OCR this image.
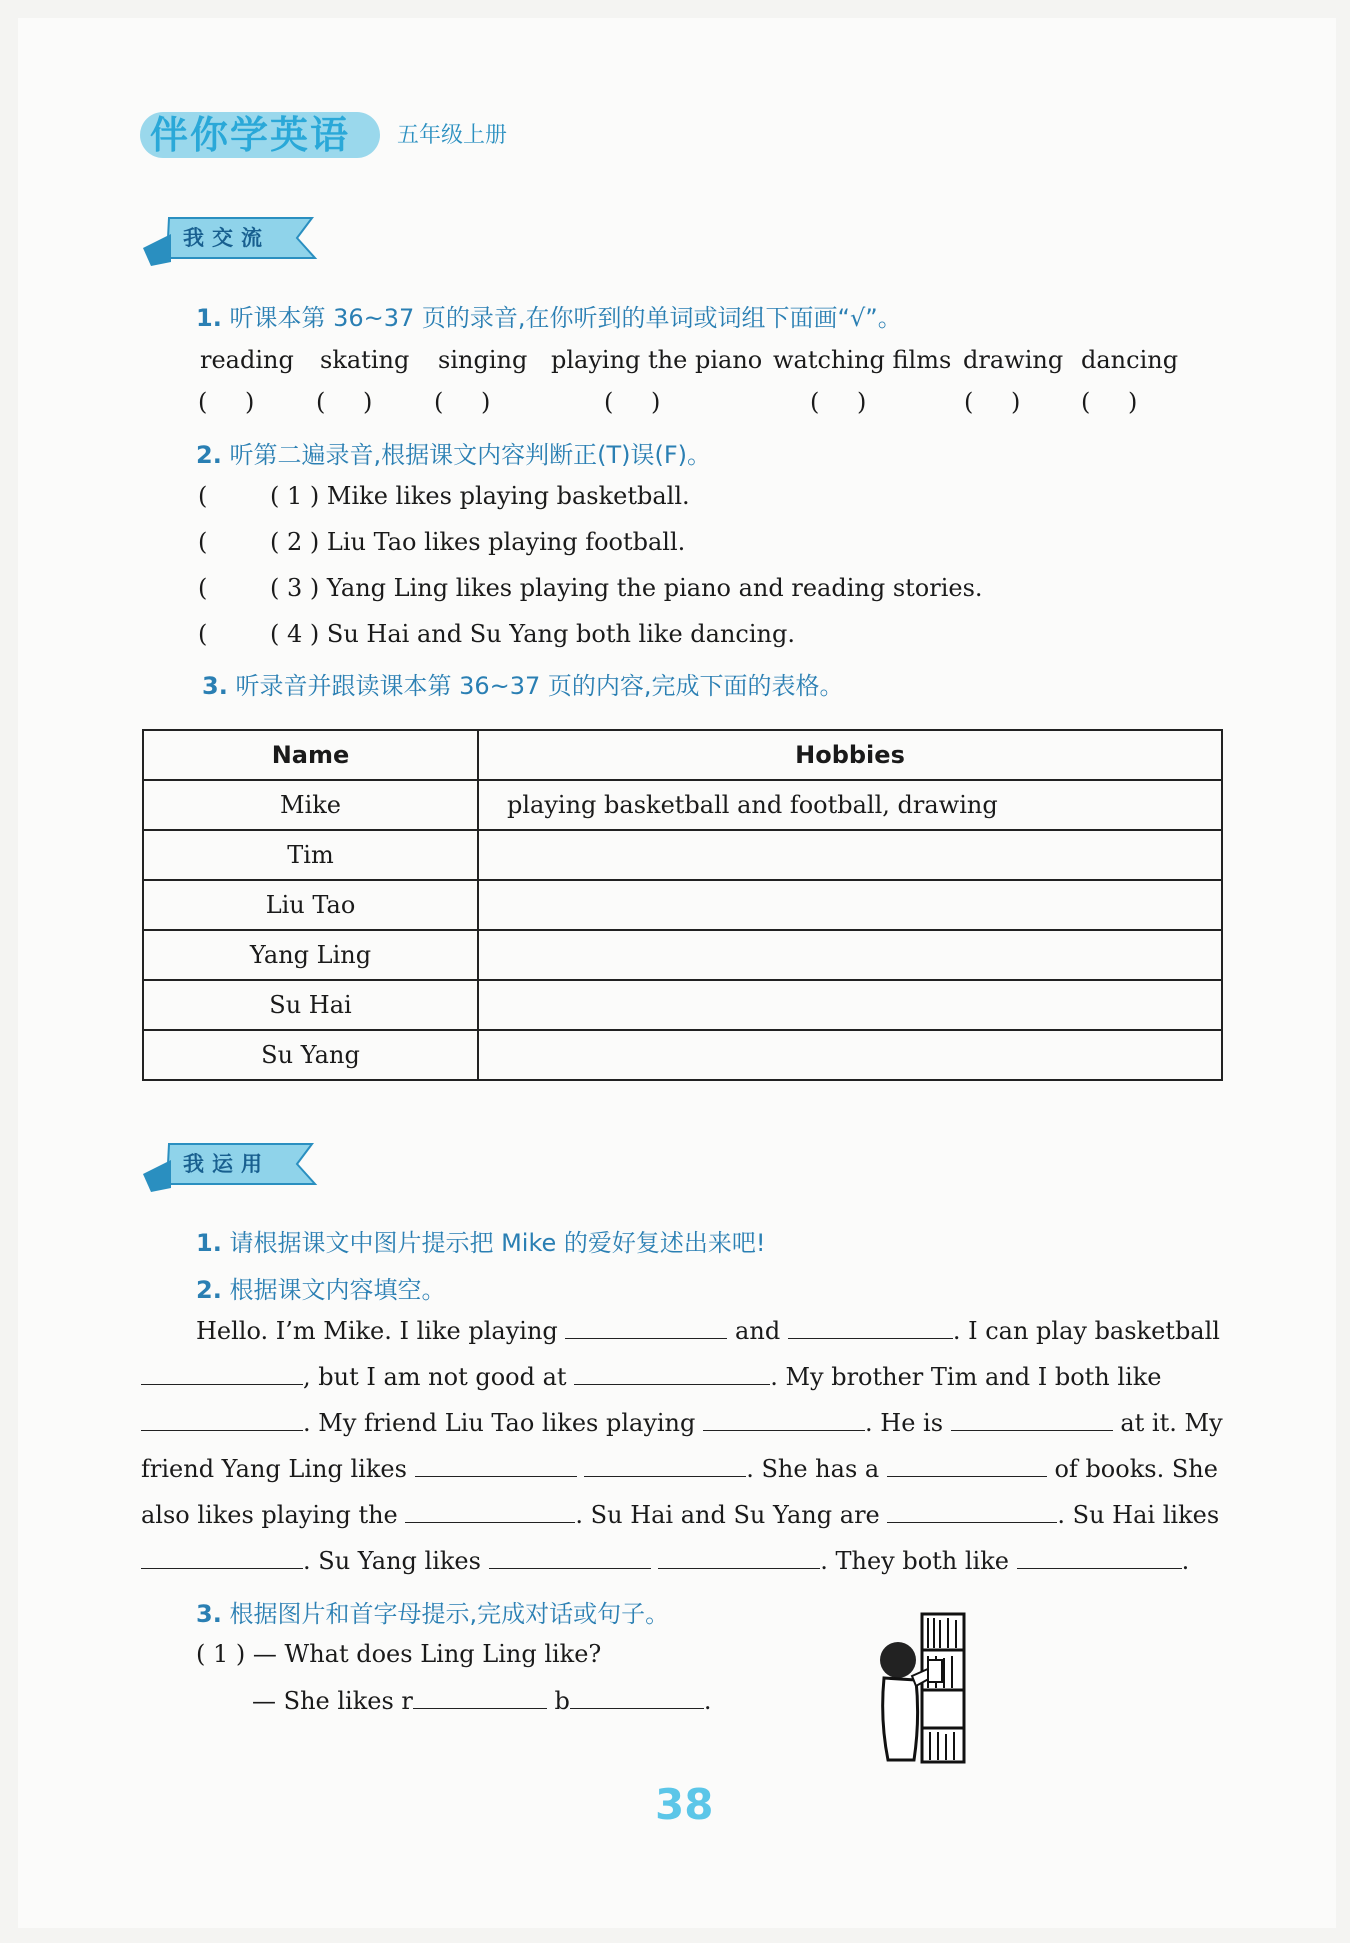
伴你学英语 五年级上册
我交流
1. 听课本第 36~37 页的录音,在你听到的单词或词组下面画“√”。
reading skating singing playing the piano watching films drawing dancing
( )	( )	( )	( )	( )	( )	( )
2. 听第二遍录音,根据课文内容判断正(T)误(F)。
(      ( 1 ) Mike likes playing basketball.
(      ( 2 ) Liu Tao likes playing football.
(      ( 3 ) Yang Ling likes playing the piano and reading stories.
(      ( 4 ) Su Hai and Su Yang both like dancing.
3. 听录音并跟读课本第 36~37 页的内容,完成下面的表格。
Name	Hobbies
Mike	playing basketball and football, drawing
Tim	
Liu Tao	
Yang Ling	
Su Hai	
Su Yang	
我运用
1. 请根据课文中图片提示把 Mike 的爱好复述出来吧!
2. 根据课文内容填空。
Hello. I’m Mike. I like playing	and	. I can play basketball
, but I am not good at	. My brother Tim and I both like
. My friend Liu Tao likes playing	. He is	at it. My
friend Yang Ling likes	. She has a	of books. She
also likes playing the	. Su Hai and Su Yang are	. Su Hai likes
. Su Yang likes	. They both like	.
3. 根据图片和首字母提示,完成对话或句子。
( 1 ) — What does Ling Ling like?
— She likes r	b	.
38
